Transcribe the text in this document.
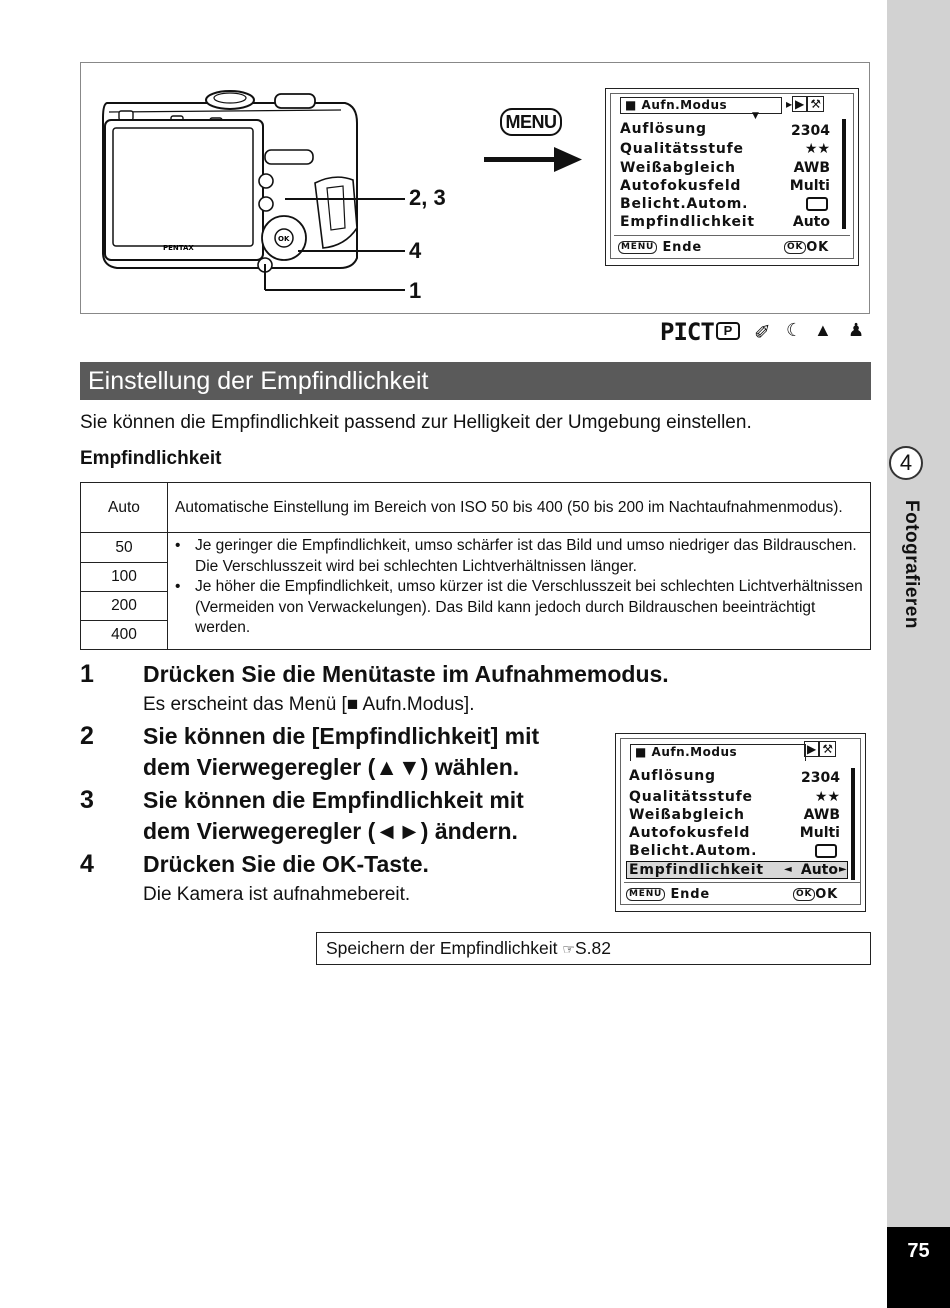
4
Fotografieren
75
PENTAX
OK
2, 3
4
1
MENU
■ Aufn.Modus	▸ ▶ ⚒
▼
Auflösung	2304
Qualitätsstufe	★★
Weißabgleich	AWB
Autofokusfeld	Multi
Belicht.Autom.
Empfindlichkeit	Auto
MENU Ende	OK OK
PICT P	✐ ☾ ▲ ♟
Einstellung der Empfindlichkeit
Sie können die Empfindlichkeit passend zur Helligkeit der Umgebung einstellen.
Empfindlichkeit
Auto	Automatische Einstellung im Bereich von ISO 50 bis 400 (50 bis 200 im Nachtaufnahmenmodus).
50	• Je geringer die Empfindlichkeit, umso schärfer ist das Bild und umso niedriger das Bildrauschen. Die Verschlusszeit wird bei schlechten Lichtverhältnissen länger.
• Je höher die Empfindlichkeit, umso kürzer ist die Verschlusszeit bei schlechten Lichtverhältnissen (Vermeiden von Verwackelungen). Das Bild kann jedoch durch Bildrauschen beeinträchtigt werden.

100	
200	
400	
1 Drücken Sie die Menütaste im Aufnahmemodus.
Es erscheint das Menü [■ Aufn.Modus].
2 Sie können die [Empfindlichkeit] mit
dem Vierwegeregler (▲▼) wählen.
3 Sie können die Empfindlichkeit mit
dem Vierwegeregler (◄►) ändern.
4 Drücken Sie die OK-Taste.
Die Kamera ist aufnahmebereit.
■ Aufn.Modus	▶ ⚒
Auflösung	2304
Qualitätsstufe	★★
Weißabgleich	AWB
Autofokusfeld	Multi
Belicht.Autom.
Empfindlichkeit ◄ Auto ►
MENU Ende	OK OK
Speichern der Empfindlichkeit ☞S.82
